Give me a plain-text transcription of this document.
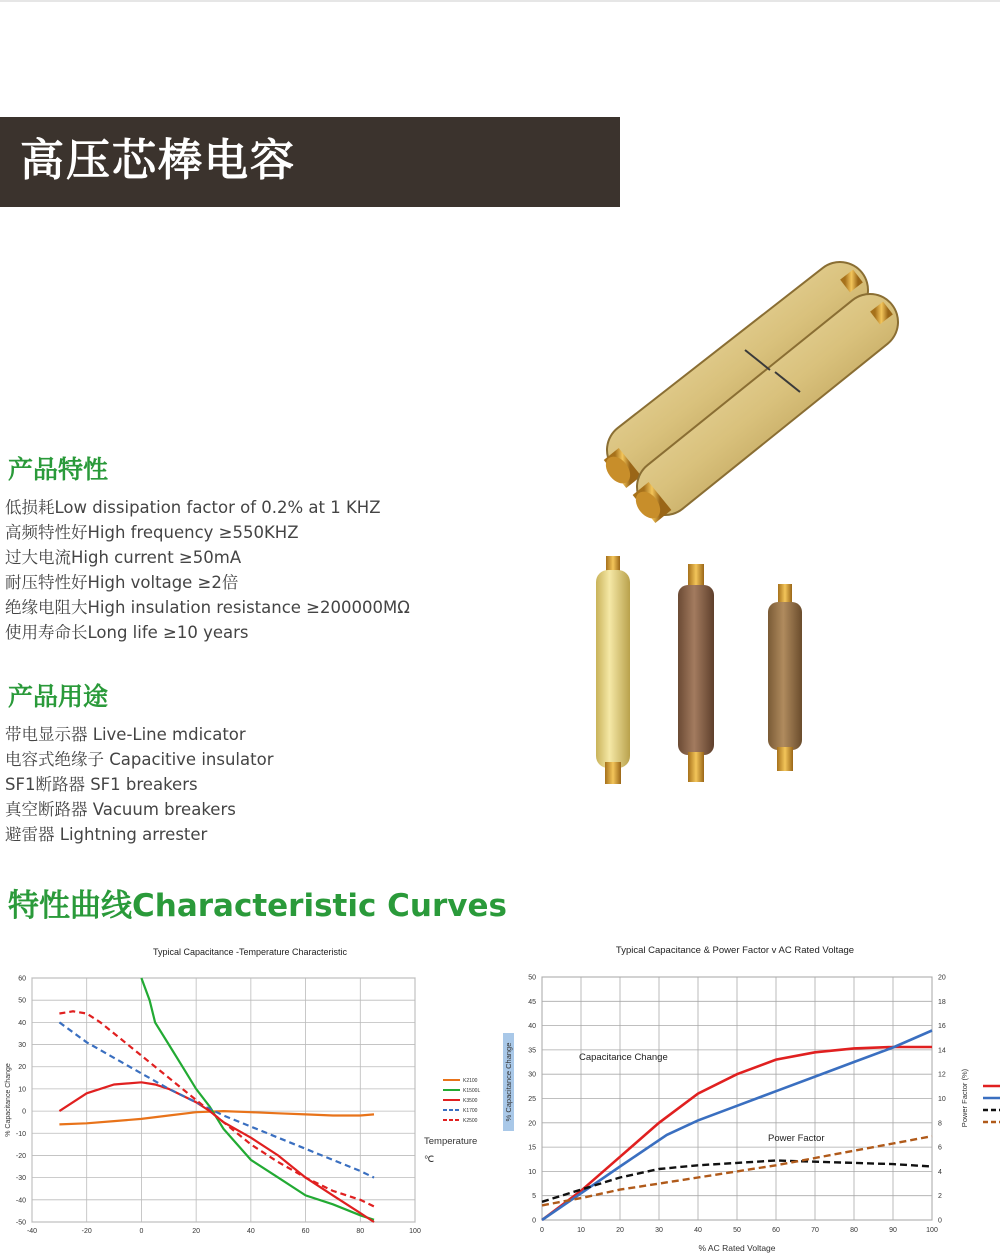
高压芯棒电容
产品特性
低损耗Low dissipation factor of 0.2% at 1 KHZ
高频特性好High frequency ≥550KHZ
过大电流High current ≥50mA
耐压特性好High voltage ≥2倍
绝缘电阻大High insulation resistance ≥200000MΩ
使用寿命长Long life ≥10 years
产品用途
带电显示器 Live-Line mdicator
电容式绝缘子 Capacitive insulator
SF1断路器 SF1 breakers
真空断路器 Vacuum breakers
避雷器 Lightning arrester
特性曲线Characteristic Curves
Typical Capacitance -Temperature Characteristic
-40	-20	0	20	40	60	80	100
60
50
40
30
20
10
0
-10
-20
-30
-40
-50
% Capacitance Change	K2100
K1500L
K3500
K1700
K2500
Temperature
℃
Typical Capacitance & Power Factor v AC Rated Voltage
0	10	20	30	40	50	60	70	80	90	100
0
5
10
15
20
25
30
35
40
45
50
0
2
4
6
8
10
12
14
16
18
20
% Capacitance Change	Power Factor (%)
% AC Rated Voltage
Capacitance Change
Power Factor
